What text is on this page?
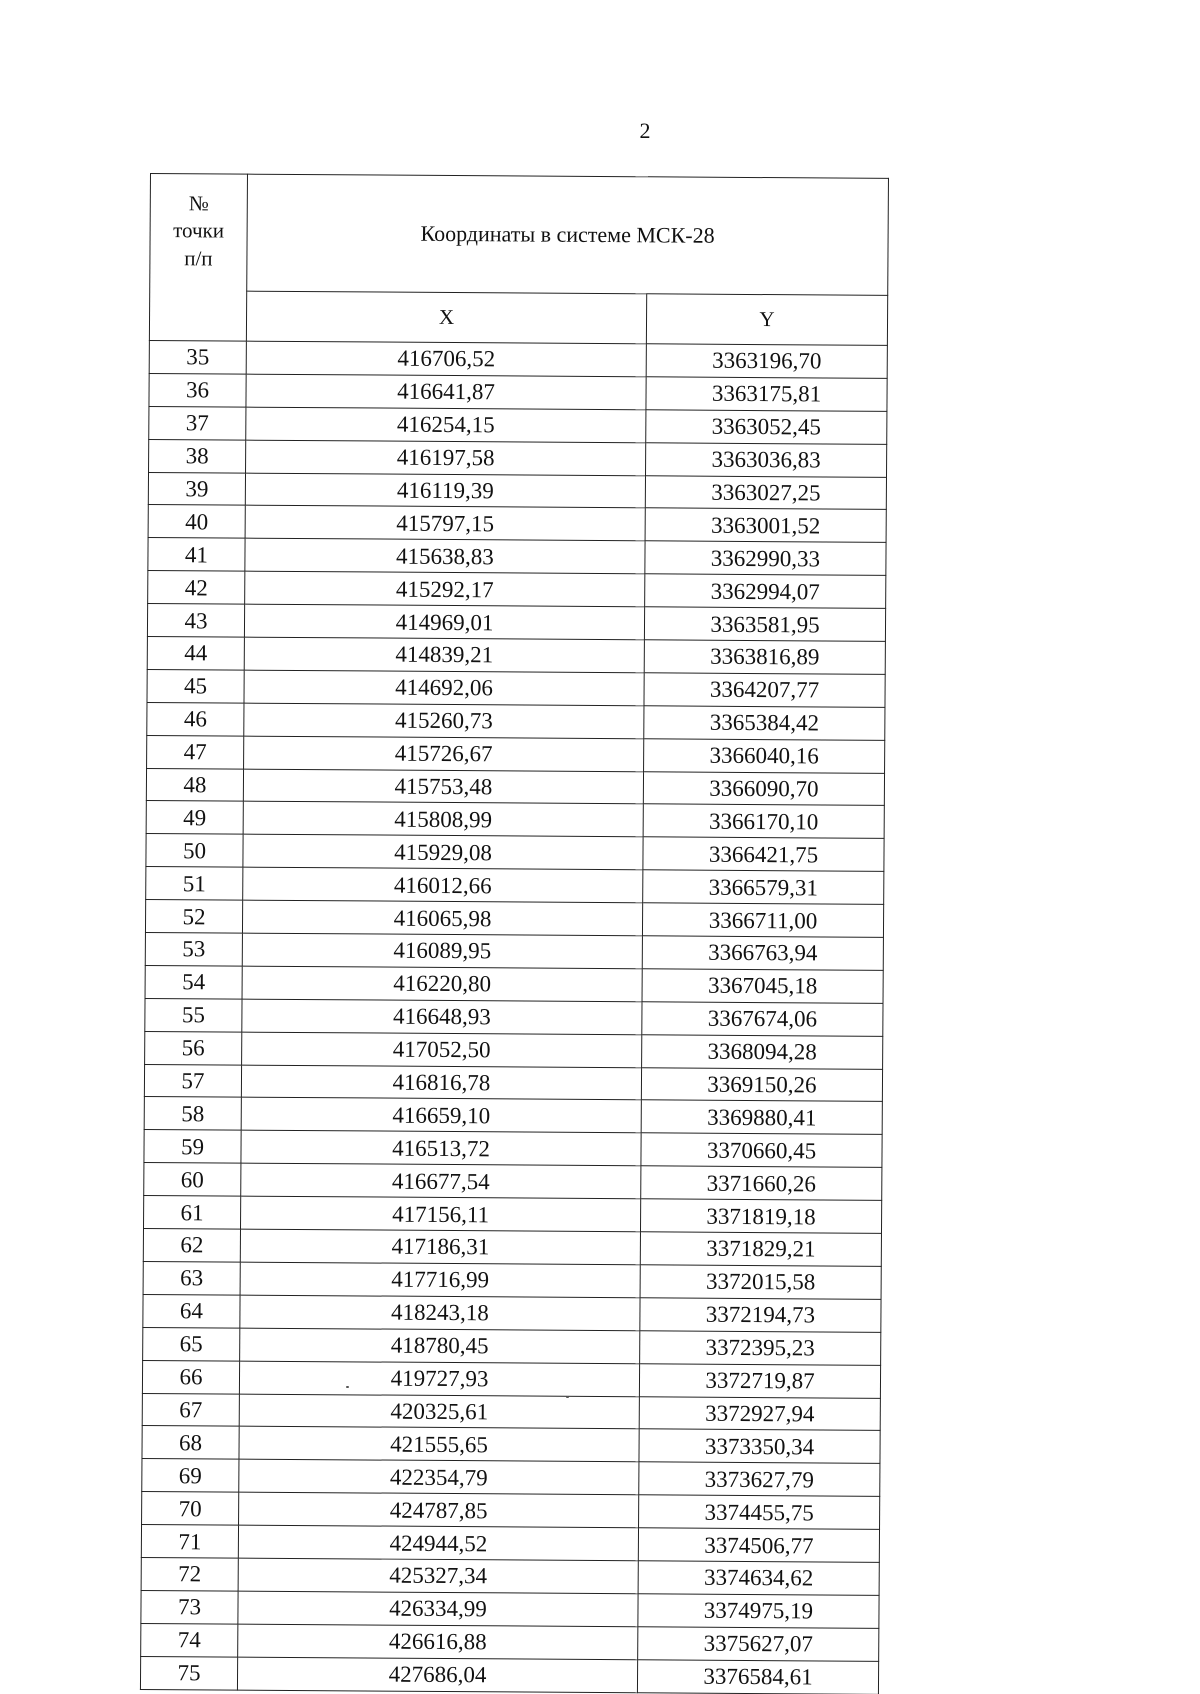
2
№
точки
п/п	Координаты в системе МСК-28	
	X	Y
35	416706,52	3363196,70
36	416641,87	3363175,81
37	416254,15	3363052,45
38	416197,58	3363036,83
39	416119,39	3363027,25
40	415797,15	3363001,52
41	415638,83	3362990,33
42	415292,17	3362994,07
43	414969,01	3363581,95
44	414839,21	3363816,89
45	414692,06	3364207,77
46	415260,73	3365384,42
47	415726,67	3366040,16
48	415753,48	3366090,70
49	415808,99	3366170,10
50	415929,08	3366421,75
51	416012,66	3366579,31
52	416065,98	3366711,00
53	416089,95	3366763,94
54	416220,80	3367045,18
55	416648,93	3367674,06
56	417052,50	3368094,28
57	416816,78	3369150,26
58	416659,10	3369880,41
59	416513,72	3370660,45
60	416677,54	3371660,26
61	417156,11	3371819,18
62	417186,31	3371829,21
63	417716,99	3372015,58
64	418243,18	3372194,73
65	418780,45	3372395,23
66	419727,93	3372719,87
67	420325,61	3372927,94
68	421555,65	3373350,34
69	422354,79	3373627,79
70	424787,85	3374455,75
71	424944,52	3374506,77
72	425327,34	3374634,62
73	426334,99	3374975,19
74	426616,88	3375627,07
75	427686,04	3376584,61
